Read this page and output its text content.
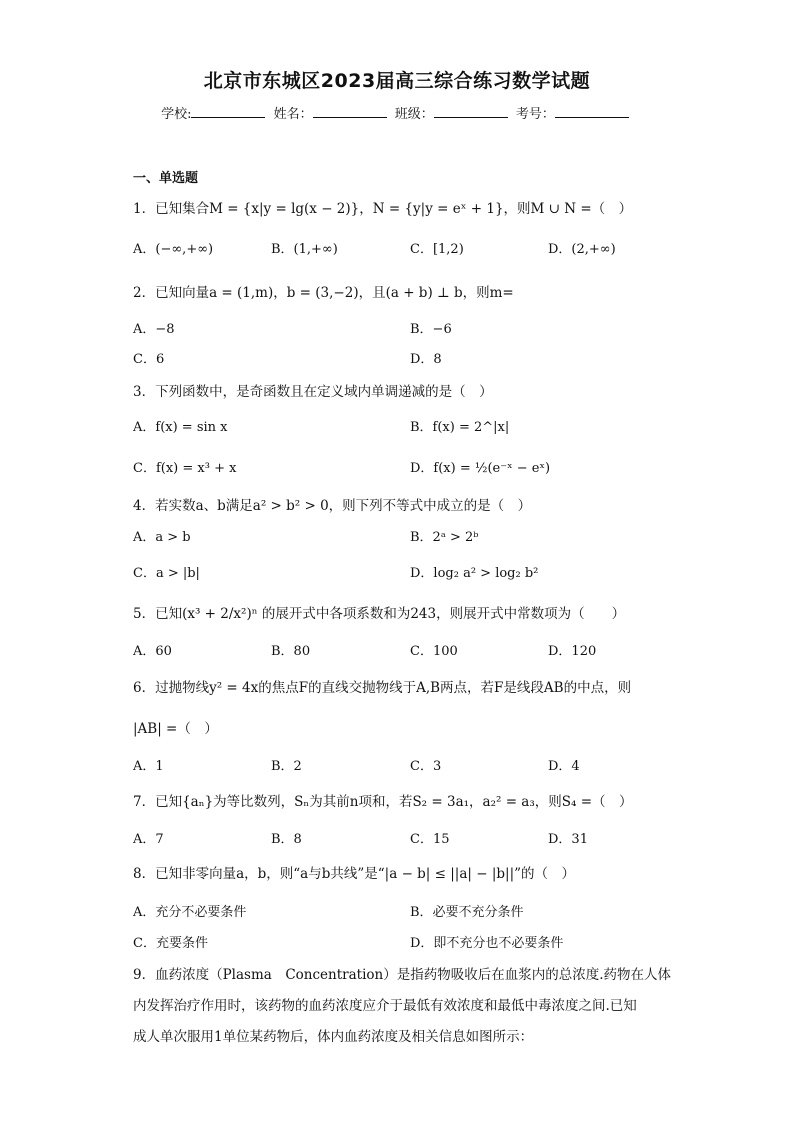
北京市东城区2023届高三综合练习数学试题
学校:	姓名：	班级：	考号：
一、单选题
1．已知集合M = {x|y = lg(x − 2)}，N = {y|y = eˣ + 1}，则M ∪ N =（　）
A．(−∞,+∞)	B．(1,+∞)	C．[1,2)	D．(2,+∞)
2．已知向量a = (1,m)，b = (3,−2)，且(a + b) ⊥ b，则m=
A．−8	B．−6
C．6	D．8
3．下列函数中，是奇函数且在定义域内单调递减的是（　）
A．f(x) = sin x	B．f(x) = 2^|x|
C．f(x) = x³ + x	D．f(x) = ½(e⁻ˣ − eˣ)
4．若实数a、b满足a² > b² > 0，则下列不等式中成立的是（　）
A．a > b	B．2ᵃ > 2ᵇ
C．a > |b|	D．log₂ a² > log₂ b²
5．已知(x³ + 2/x²)ⁿ 的展开式中各项系数和为243，则展开式中常数项为（　　）
A．60	B．80	C．100	D．120
6．过抛物线y² = 4x的焦点F的直线交抛物线于A,B两点，若F是线段AB的中点，则
|AB| =（　）
A．1	B．2	C．3	D．4
7．已知{aₙ}为等比数列，Sₙ为其前n项和，若S₂ = 3a₁，a₂² = a₃，则S₄ =（　）
A．7	B．8	C．15	D．31
8．已知非零向量a，b，则“a与b共线”是“|a − b| ≤ ||a| − |b||”的（　）
A．充分不必要条件	B．必要不充分条件
C．充要条件	D．即不充分也不必要条件
9．血药浓度（Plasma　Concentration）是指药物吸收后在血浆内的总浓度.药物在人体
内发挥治疗作用时，该药物的血药浓度应介于最低有效浓度和最低中毒浓度之间.已知
成人单次服用1单位某药物后，体内血药浓度及相关信息如图所示：
